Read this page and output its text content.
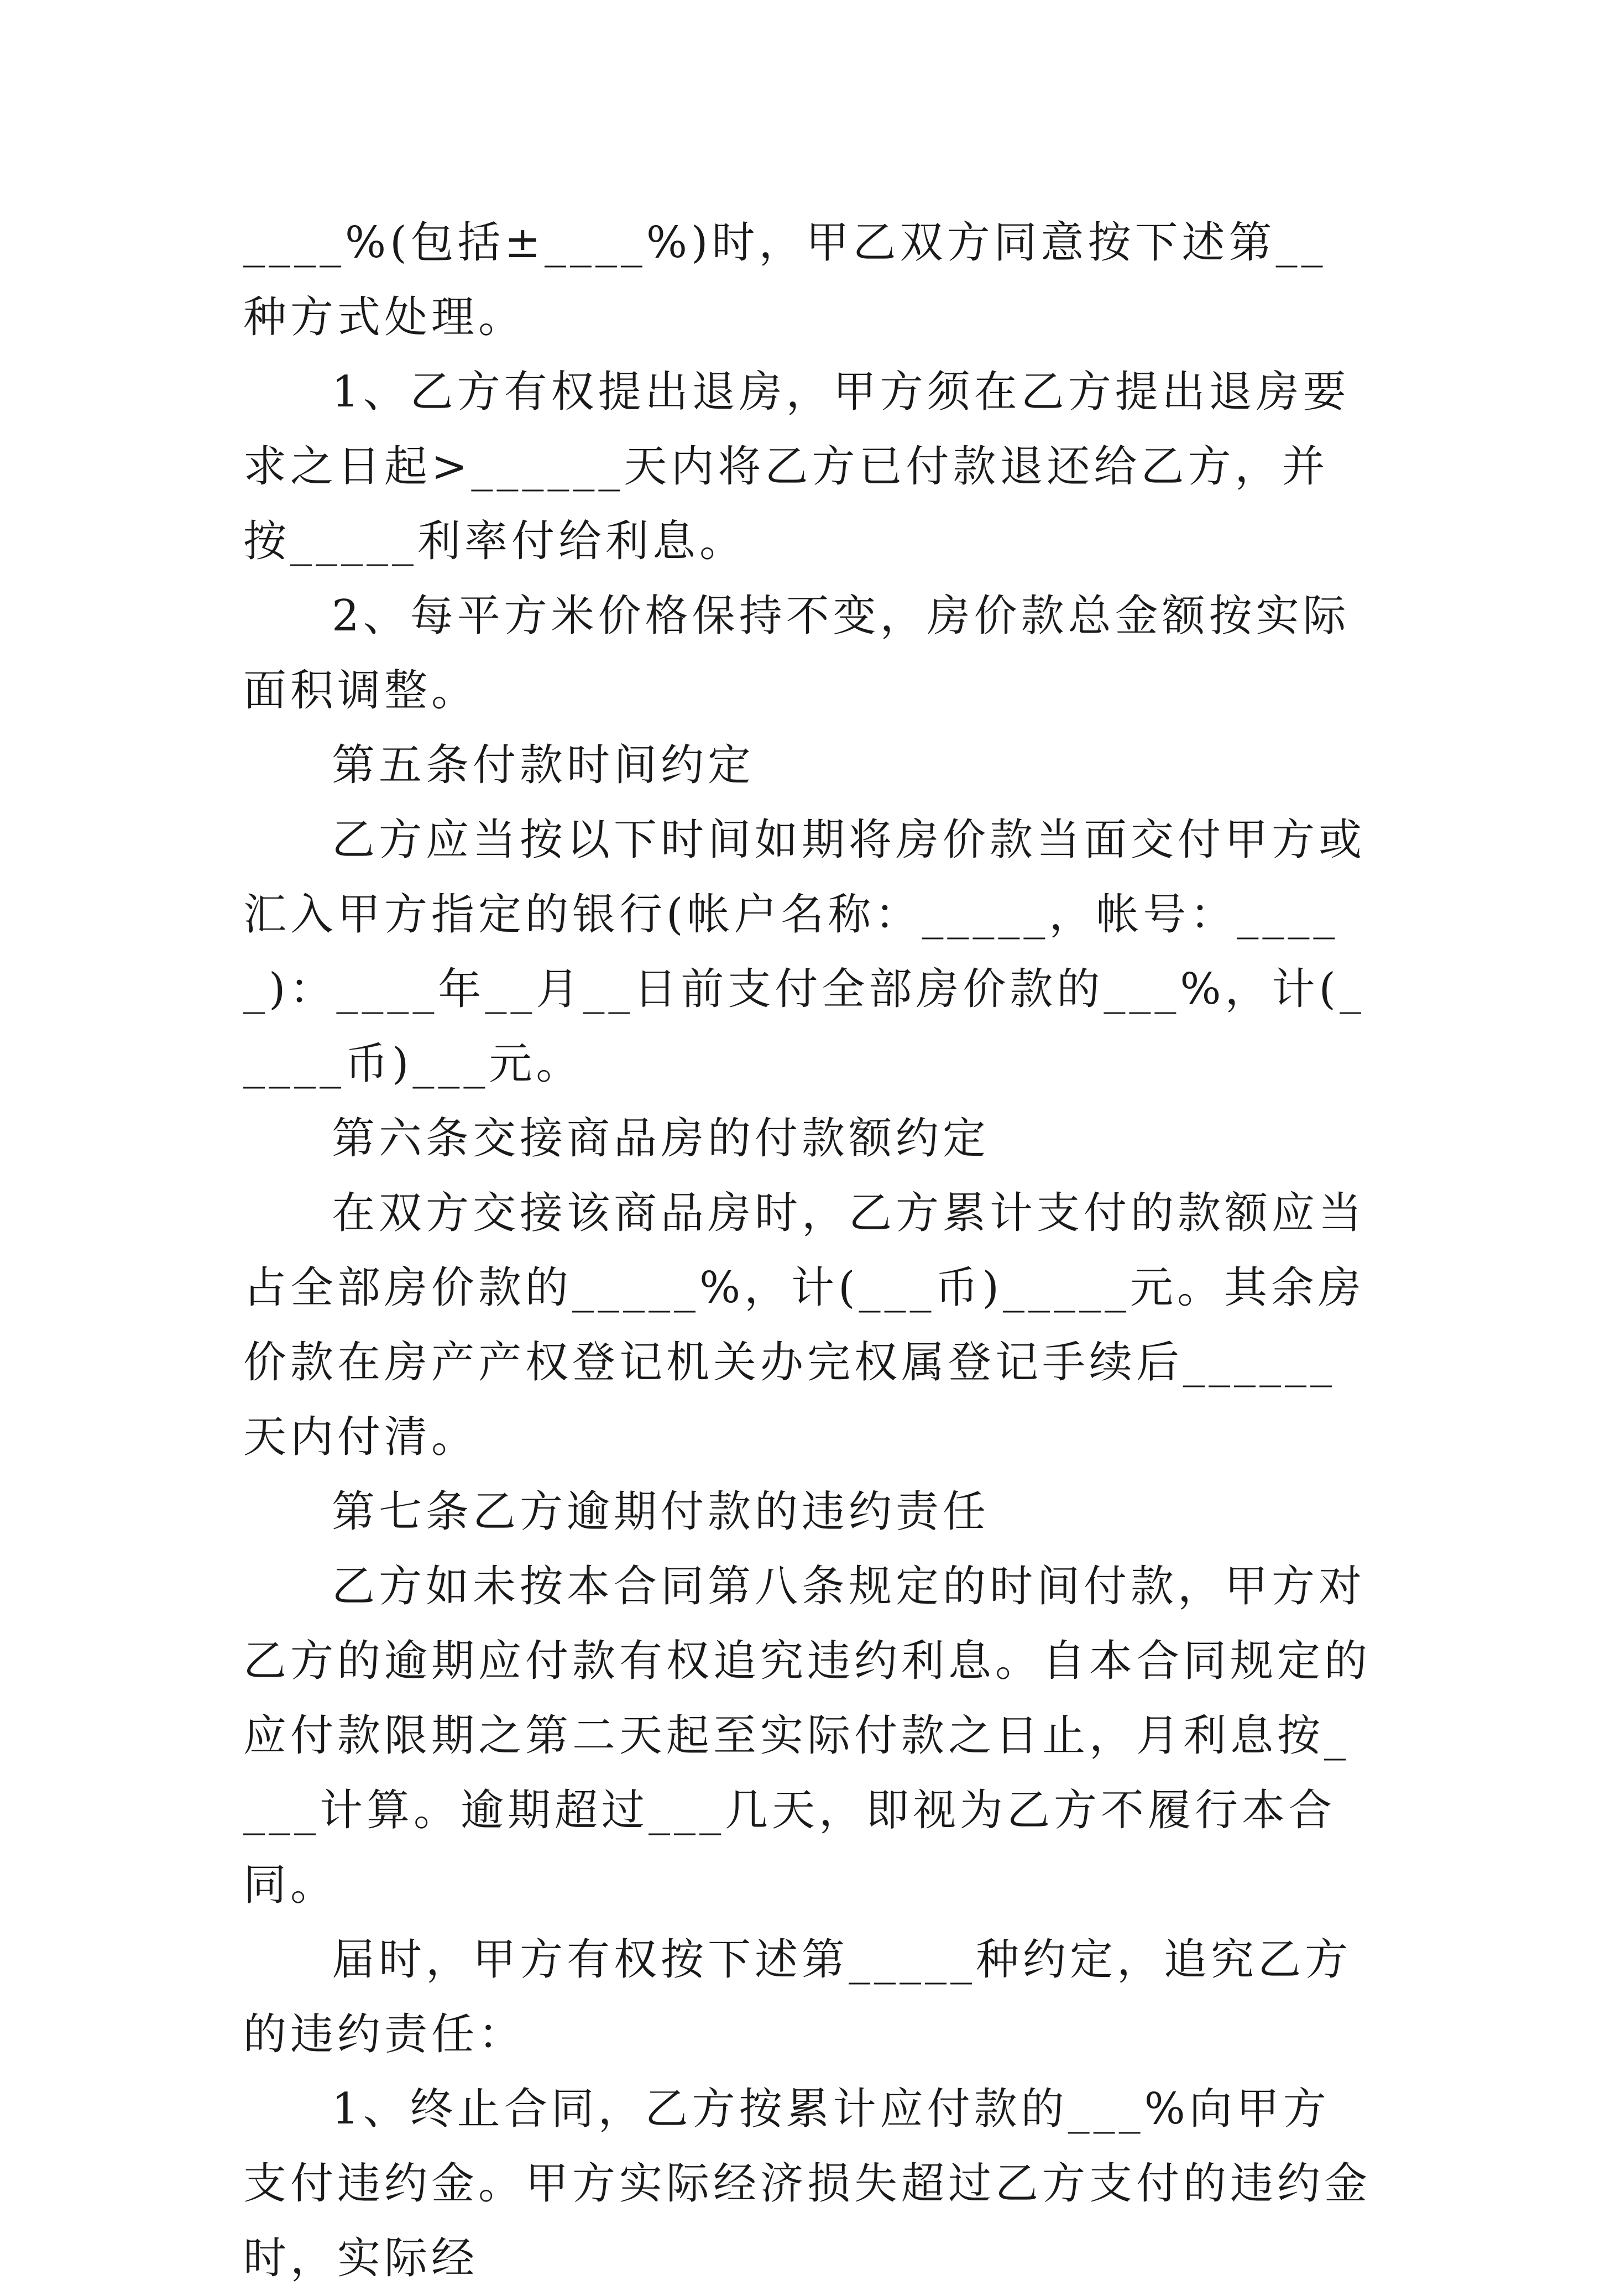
____%(包括±____%)时，甲乙双方同意按下述第__种方式处理。

1、乙方有权提出退房，甲方须在乙方提出退房要求之日起>______天内将乙方已付款退还给乙方，并按_____利率付给利息。

2、每平方米价格保持不变，房价款总金额按实际面积调整。

第五条付款时间约定

乙方应当按以下时间如期将房价款当面交付甲方或汇入甲方指定的银行(帐户名称：_____，帐号：_____)：____年__月__日前支付全部房价款的___%，计(_____币)___元。

第六条交接商品房的付款额约定

在双方交接该商品房时，乙方累计支付的款额应当占全部房价款的_____%，计(___币)_____元。其余房价款在房产产权登记机关办完权属登记手续后______天内付清。

第七条乙方逾期付款的违约责任

乙方如未按本合同第八条规定的时间付款，甲方对乙方的逾期应付款有权追究违约利息。自本合同规定的应付款限期之第二天起至实际付款之日止，月利息按____计算。逾期超过___几天，即视为乙方不履行本合同。

届时，甲方有权按下述第_____种约定，追究乙方的违约责任：

1、终止合同，乙方按累计应付款的___%向甲方支付违约金。甲方实际经济损失超过乙方支付的违约金时，实际经
